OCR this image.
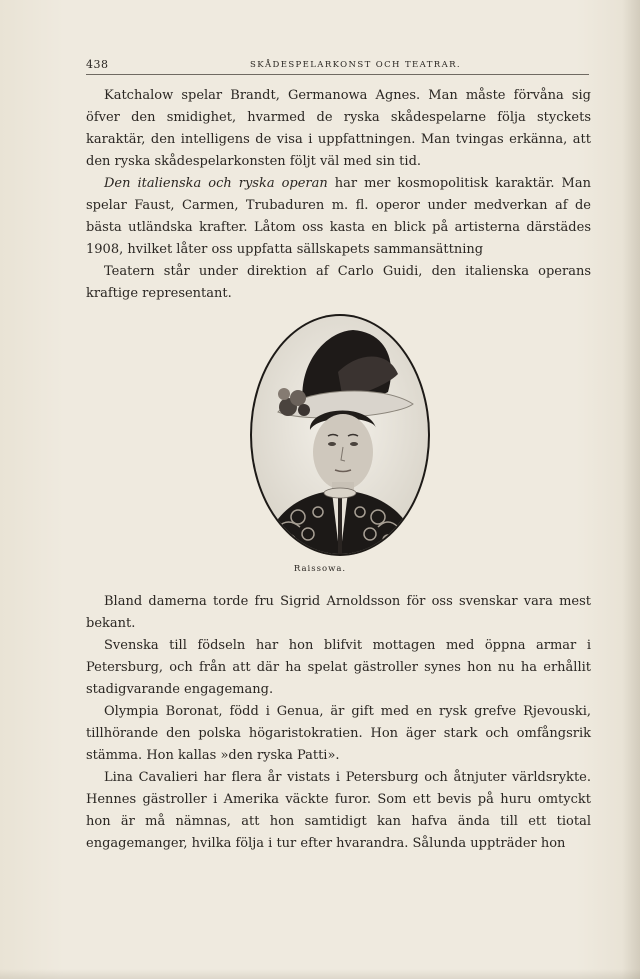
438	SKÅDESPELARKONST OCH TEATRAR.

Katchalow spelar Brandt, Germanowa Agnes. Man måste förvåna sig öfver den smidighet, hvarmed de ryska skådespelarne följa styckets karaktär, den intelligens de visa i uppfattningen. Man tvingas erkänna, att den ryska skådespelarkonsten följt väl med sin tid.

Den italienska och ryska operan har mer kosmopolitisk karaktär. Man spelar Faust, Carmen, Trubaduren m. fl. operor under medverkan af de bästa utländska krafter. Låtom oss kasta en blick på artisterna därstädes 1908, hvilket låter oss uppfatta sällskapets sammansättning

Teatern står under direktion af Carlo Guidi, den italienska operans kraftige representant.

Raissowa.

Bland damerna torde fru Sigrid Arnoldsson för oss svenskar vara mest bekant.

Svenska till födseln har hon blifvit mottagen med öppna armar i Petersburg, och från att där ha spelat gästroller synes hon nu ha erhållit stadigvarande engagemang.

Olympia Boronat, född i Genua, är gift med en rysk grefve Rjevouski, tillhörande den polska högaristokratien. Hon äger stark och omfångsrik stämma. Hon kallas »den ryska Patti».

Lina Cavalieri har flera år vistats i Petersburg och åtnjuter världsrykte. Hennes gästroller i Amerika väckte furor. Som ett bevis på huru omtyckt hon är må nämnas, att hon samtidigt kan hafva ända till ett tiotal engagemanger, hvilka följa i tur efter hvarandra. Sålunda uppträder hon
